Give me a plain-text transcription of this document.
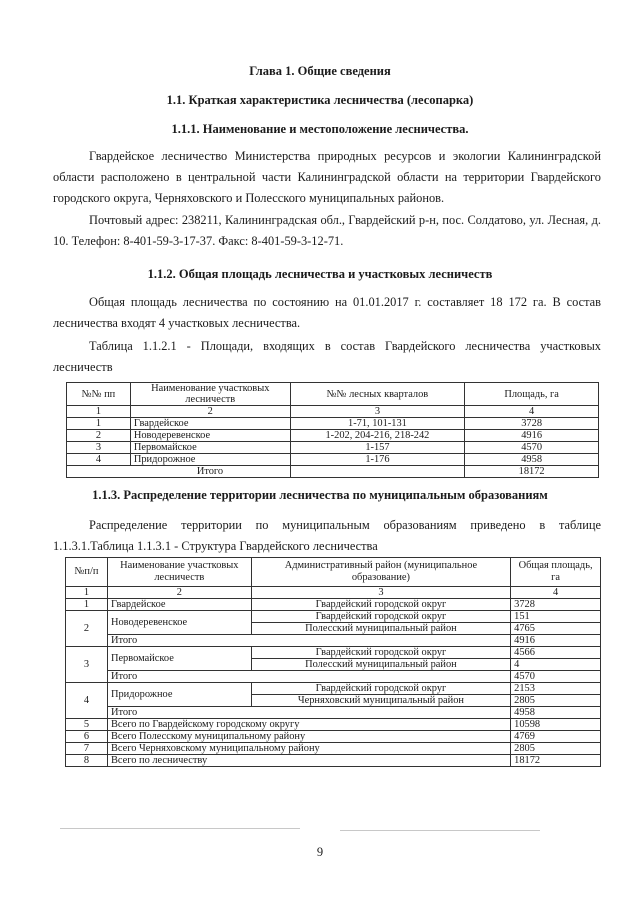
Глава 1. Общие сведения
1.1. Краткая характеристика лесничества (лесопарка)
1.1.1. Наименование и местоположение лесничества.

Гвардейское лесничество Министерства природных ресурсов и экологии Калининградской области расположено в центральной части Калининградской области на территории Гвардейского городского округа, Черняховского и Полесского муниципальных районов.

Почтовый адрес: 238211, Калининградская обл., Гвардейский р-н, пос. Солдатово, ул. Лесная, д. 10. Телефон: 8-401-59-3-17-37. Факс: 8-401-59-3-12-71.

1.1.2. Общая площадь лесничества и участковых лесничеств

Общая площадь лесничества по состоянию на 01.01.2017 г. составляет 18 172 га. В состав лесничества входят 4 участковых лесничества.

Таблица 1.1.2.1 - Площади, входящих в состав Гвардейского лесничества участковых лесничеств

№№ пп	Наименование участковых лесничеств	№№ лесных кварталов	Площадь, га
1	2	3	4
1	Гвардейское	1-71, 101-131	3728
2	Новодеревенское	1-202, 204-216, 218-242	4916
3	Первомайское	1-157	4570
4	Придорожное	1-176	4958
	Итого		18172
1.1.3. Распределение территории лесничества по муниципальным образованиям

Распределение территории по муниципальным образованиям приведено в таблице 1.1.3.1.Таблица 1.1.3.1 - Структура Гвардейского лесничества

№п/п	Наименование участковых лесничеств	Административный район (муниципальное образование)	Общая площадь, га
1	2	3	4
1	Гвардейское	Гвардейский городской округ	3728
2	Новодеревенское	Гвардейский городской округ	151
		Полесский муниципальный район	4765
	Итого		4916
3	Первомайское	Гвардейский городской округ	4566
		Полесский муниципальный район	4
	Итого		4570
4	Придорожное	Гвардейский городской округ	2153
		Черняховский муниципальный район	2805
	Итого		4958
5	Всего по Гвардейскому городскому округу		10598
6	Всего Полесскому муниципальному району		4769
7	Всего Черняховскому муниципальному району		2805
8	Всего по лесничеству		18172
9
